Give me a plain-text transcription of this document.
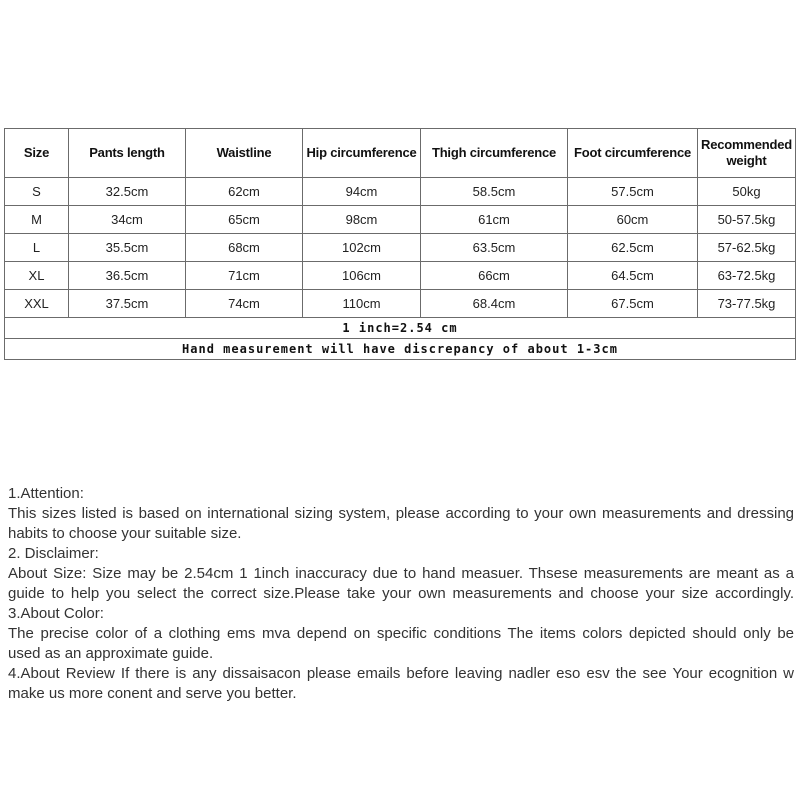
Size	Pants length	Waistline	Hip circumference	Thigh circumference	Foot circumference	Recommended weight
S	32.5cm	62cm	94cm	58.5cm	57.5cm	50kg
M	34cm	65cm	98cm	61cm	60cm	50-57.5kg
L	35.5cm	68cm	102cm	63.5cm	62.5cm	57-62.5kg
XL	36.5cm	71cm	106cm	66cm	64.5cm	63-72.5kg
XXL	37.5cm	74cm	110cm	68.4cm	67.5cm	73-77.5kg
1 inch=2.54 cm						
Hand measurement will have discrepancy of about 1-3cm						
1.Attention:
This sizes listed is based on international sizing system, please according to your own measurements and dressing
habits to choose your suitable size.
2. Disclaimer:
About Size: Size may be 2.54cm 1 1inch inaccuracy due to hand measuer. Thsese measurements are meant as a
guide to help you select the correct size.Please take your own measurements and choose your size accordingly.
3.About Color:
The precise color of a clothing ems mva depend on specific conditions The items colors depicted should only be
used as an approximate guide.
4.About Review If there is any dissaisacon please emails before leaving nadler eso esv the see Your ecognition w
make us more conent and serve you better.
